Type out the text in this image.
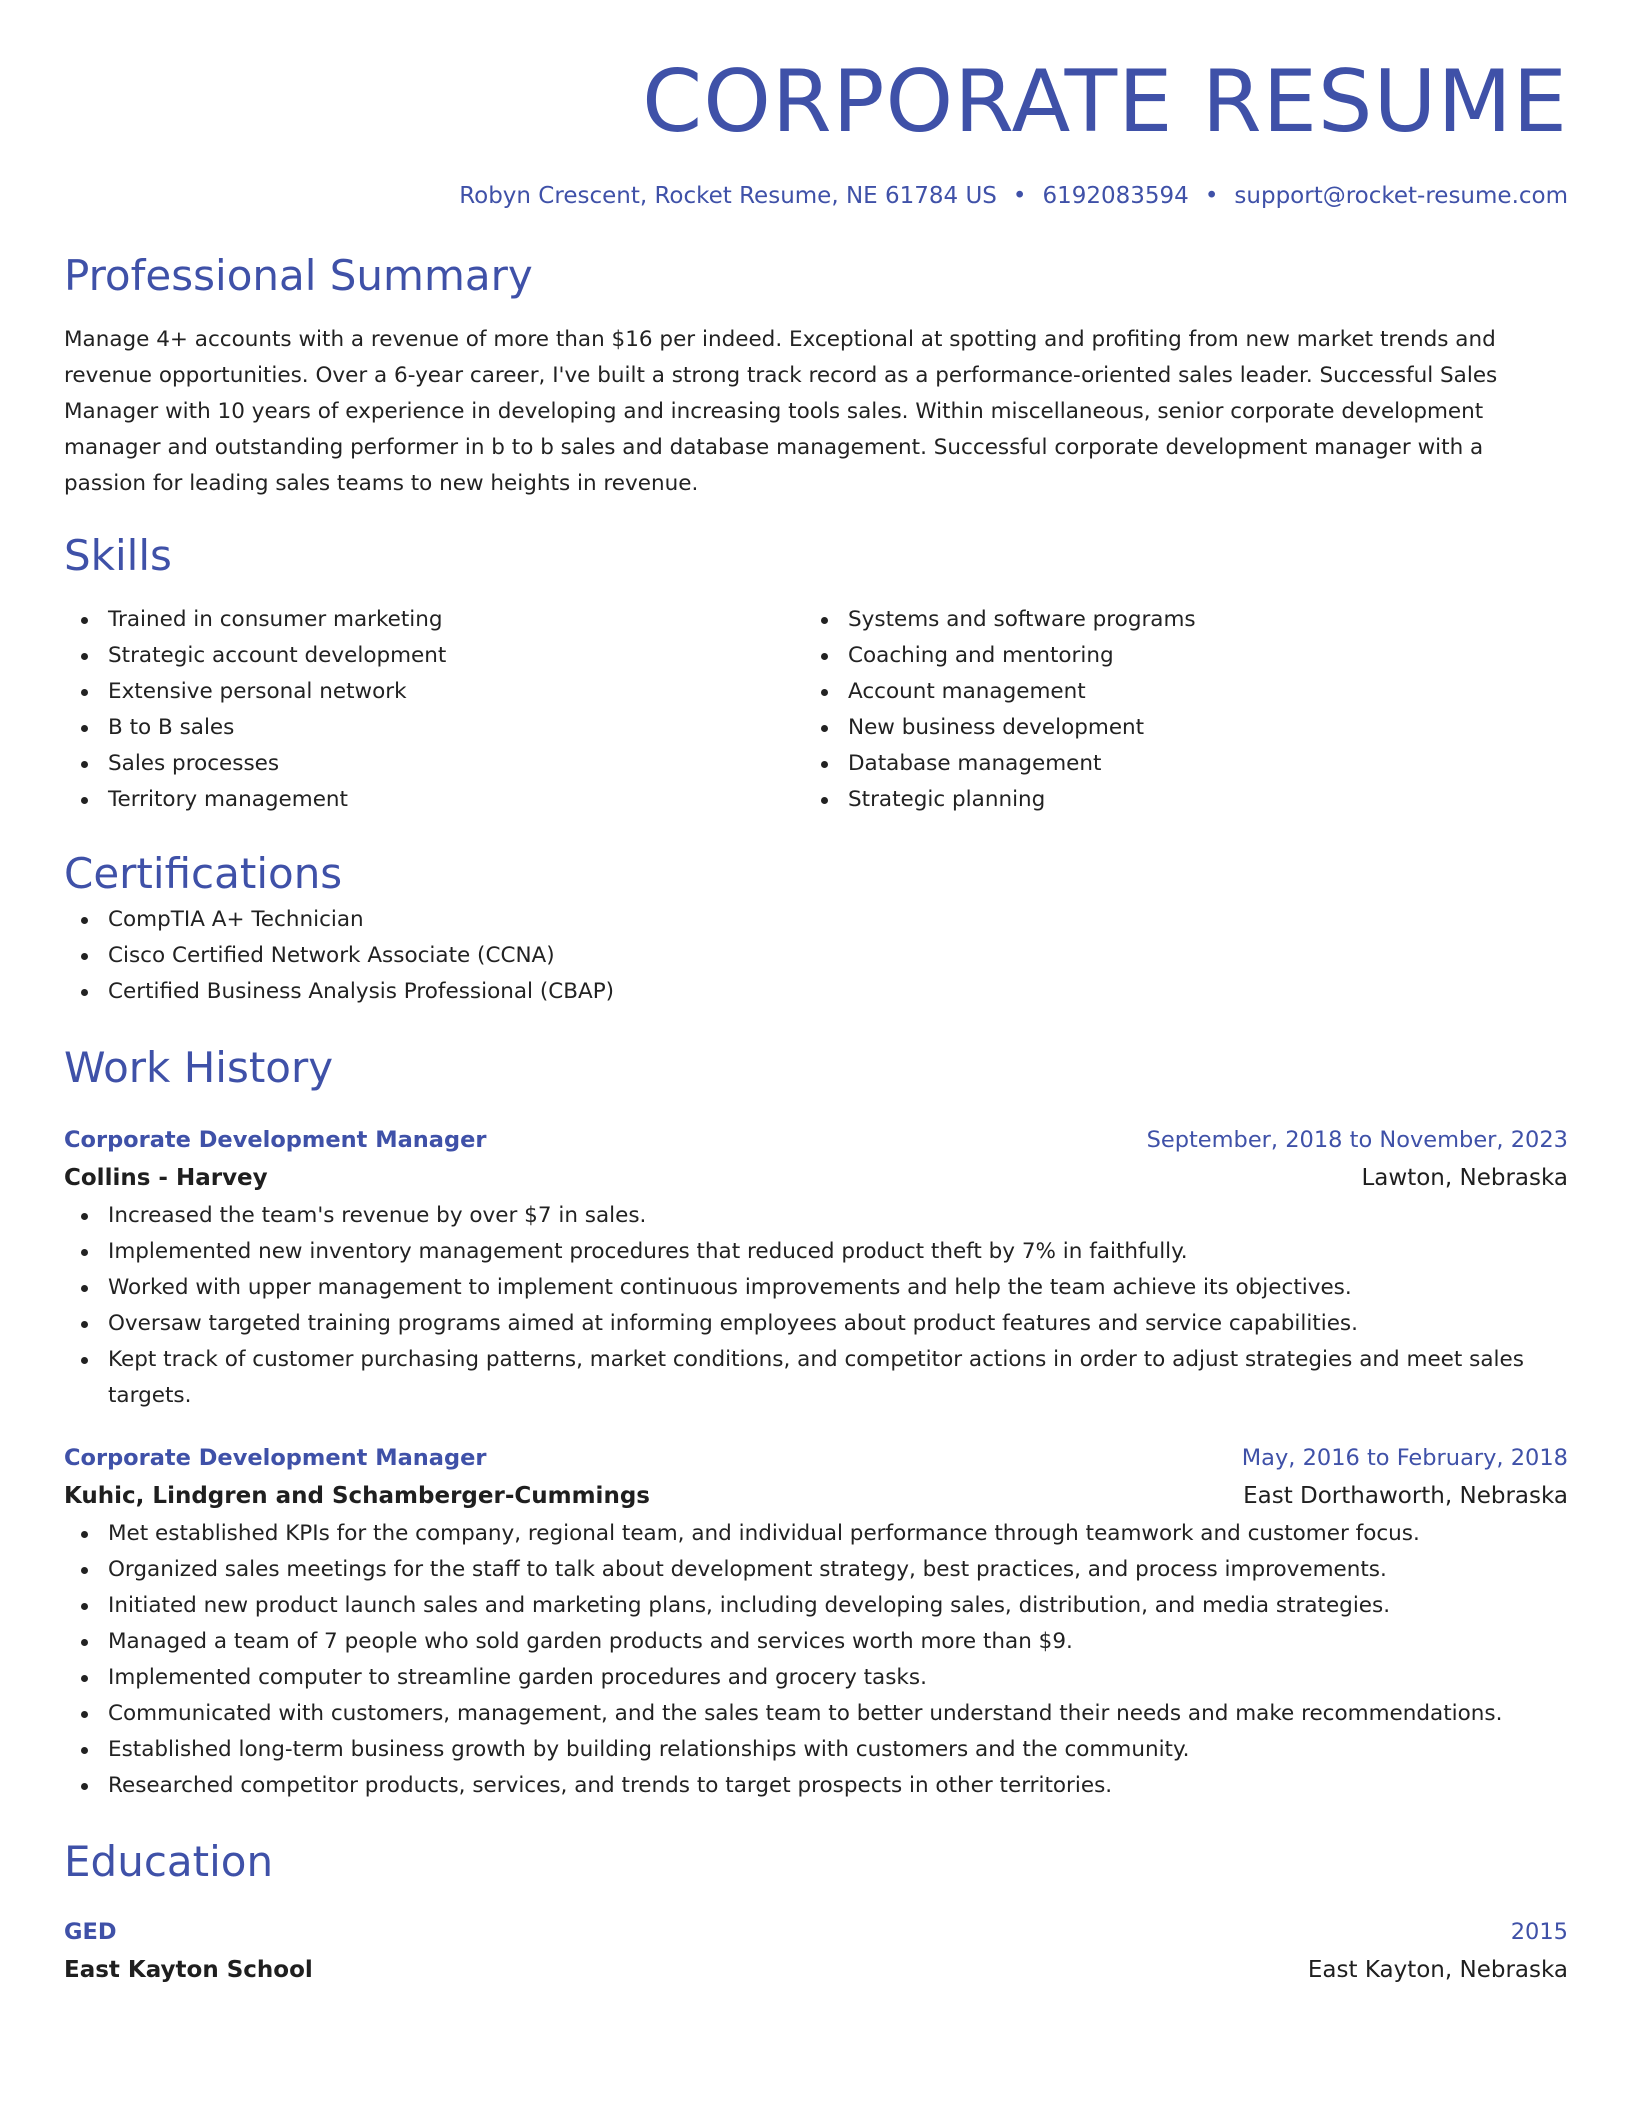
CORPORATE RESUME
Robyn Crescent, Rocket Resume, NE 61784 US • 6192083594 • support@rocket-resume.com
Professional Summary
Manage 4+ accounts with a revenue of more than $16 per indeed. Exceptional at spotting and profiting from new market trends and revenue opportunities. Over a 6-year career, I've built a strong track record as a performance-oriented sales leader. Successful Sales Manager with 10 years of experience in developing and increasing tools sales. Within miscellaneous, senior corporate development manager and outstanding performer in b to b sales and database management. Successful corporate development manager with a passion for leading sales teams to new heights in revenue.
Skills
Trained in consumer marketing
Strategic account development
Extensive personal network
B to B sales
Sales processes
Territory management
Systems and software programs
Coaching and mentoring
Account management
New business development
Database management
Strategic planning
Certifications
CompTIA A+ Technician
Cisco Certified Network Associate (CCNA)
Certified Business Analysis Professional (CBAP)
Work History
Corporate Development Manager	September, 2018 to November, 2023
Collins - Harvey	Lawton, Nebraska
Increased the team's revenue by over $7 in sales.
Implemented new inventory management procedures that reduced product theft by 7% in faithfully.
Worked with upper management to implement continuous improvements and help the team achieve its objectives.
Oversaw targeted training programs aimed at informing employees about product features and service capabilities.
Kept track of customer purchasing patterns, market conditions, and competitor actions in order to adjust strategies and meet sales targets.
Corporate Development Manager	May, 2016 to February, 2018
Kuhic, Lindgren and Schamberger-Cummings	East Dorthaworth, Nebraska
Met established KPIs for the company, regional team, and individual performance through teamwork and customer focus.
Organized sales meetings for the staff to talk about development strategy, best practices, and process improvements.
Initiated new product launch sales and marketing plans, including developing sales, distribution, and media strategies.
Managed a team of 7 people who sold garden products and services worth more than $9.
Implemented computer to streamline garden procedures and grocery tasks.
Communicated with customers, management, and the sales team to better understand their needs and make recommendations.
Established long-term business growth by building relationships with customers and the community.
Researched competitor products, services, and trends to target prospects in other territories.
Education
GED	2015
East Kayton School	East Kayton, Nebraska
